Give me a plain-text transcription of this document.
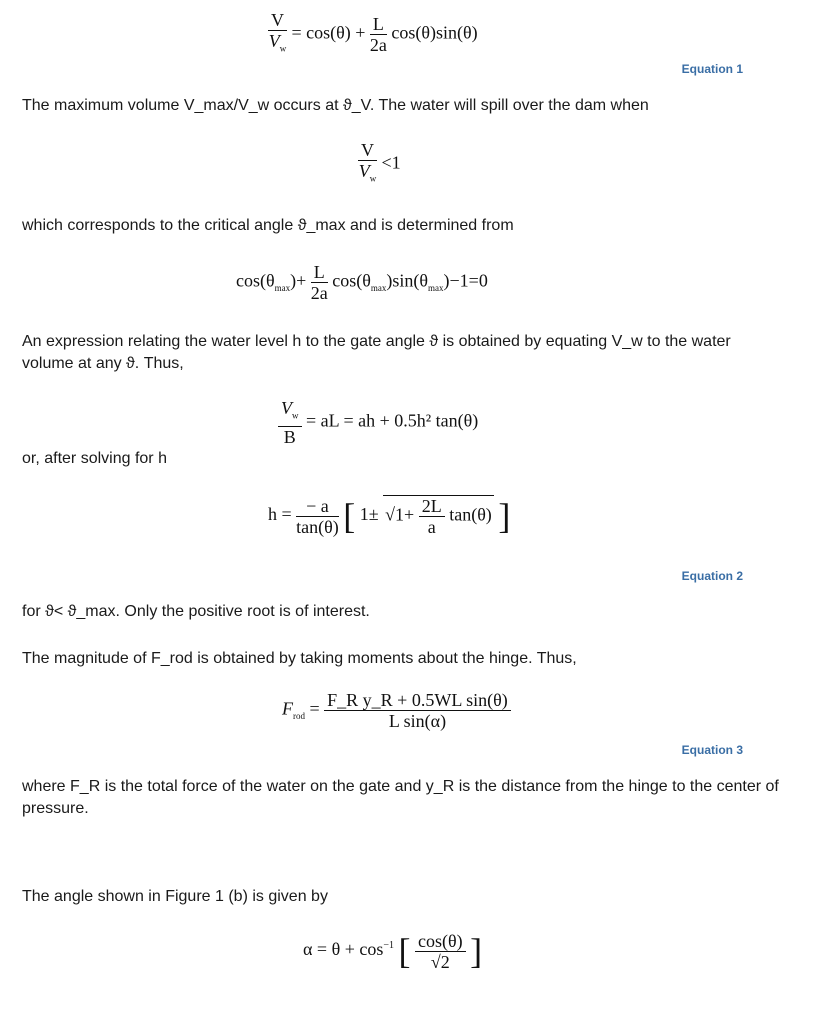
$\frac{V}{V_w} = \cos(\theta) + \frac{L}{2a} \cos(\theta)\sin(\theta)$
Equation 1
The maximum volume V_max/V_w occurs at ϑ_V. The water will spill over the dam when
$\frac{V}{V_w} <1$
which corresponds to the critical angle ϑ_max and is determined from
$\cos(\theta_{max})+ \frac{L}{2a} \cos(\theta_{max})\sin(\theta_{max})-1=0$
An expression relating the water level h to the gate angle ϑ is obtained by equating V_w to the water volume at any ϑ. Thus,
$\frac{V_w}{B}$ = aL = ah + 0.5h² tan(θ)
or, after solving for h
$h = \frac{- a}{\tan(\theta)}$ [ $1\pm √1+ \frac{2L}{a} \tan(\theta)$ ]
Equation 2
for ϑ< ϑ_max. Only the positive root is of interest.
The magnitude of F_rod is obtained by taking moments about the hinge. Thus,
$F_{rod} = \frac{\text{F\_R y\_R + 0.5WL sin(θ)}}{\text{L sin(α)}}$
Equation 3
where F_R is the total force of the water on the gate and y_R is the distance from the hinge to the center of pressure.
The angle shown in Figure 1 (b) is given by
$\alpha = \theta + \cos^{-1}$ [ $\frac{\cos(\theta)}{√2}$ ]
